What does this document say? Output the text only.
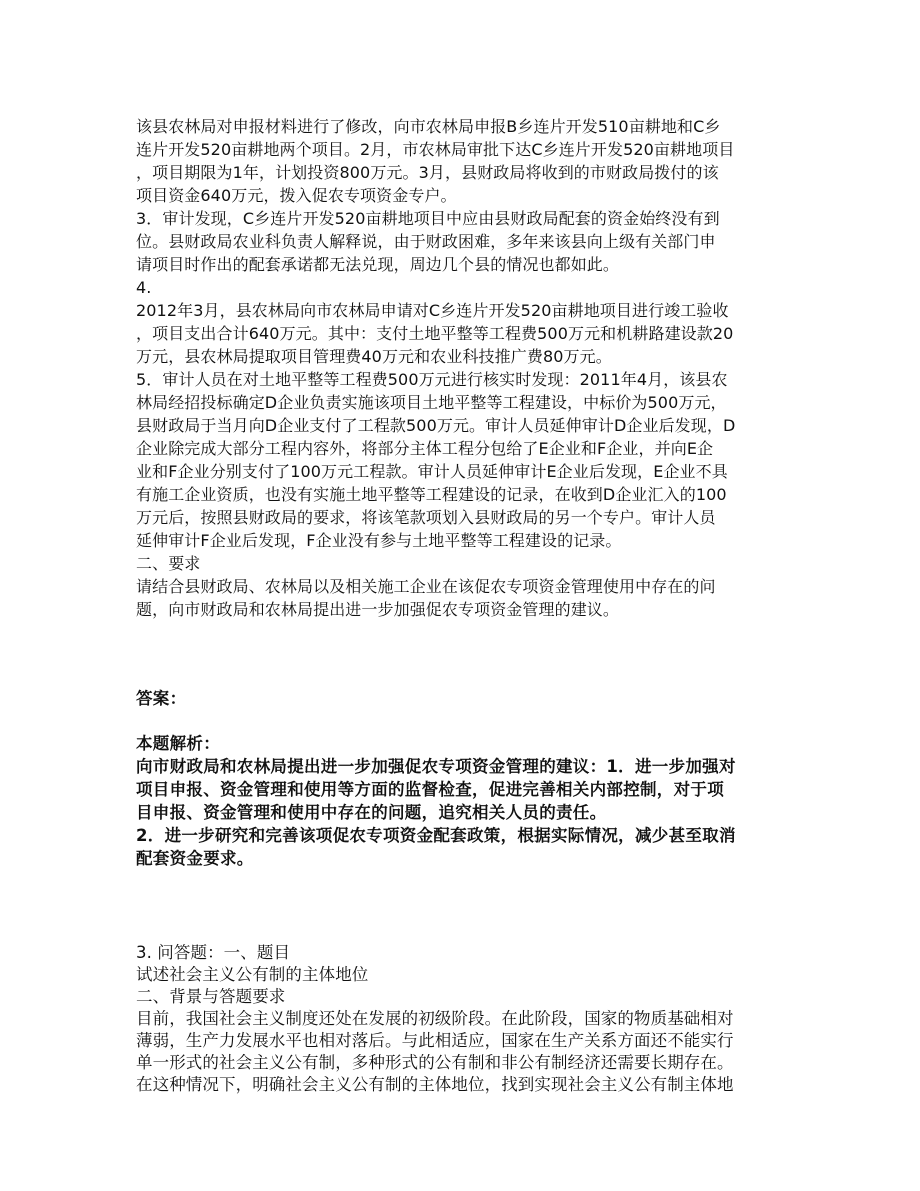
该县农林局对申报材料进行了修改，向市农林局申报B乡连片开发510亩耕地和C乡
连片开发520亩耕地两个项目。2月，市农林局审批下达C乡连片开发520亩耕地项目
，项目期限为1年，计划投资800万元。3月，县财政局将收到的市财政局拨付的该
项目资金640万元，拨入促农专项资金专户。
3．审计发现，C乡连片开发520亩耕地项目中应由县财政局配套的资金始终没有到
位。县财政局农业科负责人解释说，由于财政困难，多年来该县向上级有关部门申
请项目时作出的配套承诺都无法兑现，周边几个县的情况也都如此。
4.
2012年3月，县农林局向市农林局申请对C乡连片开发520亩耕地项目进行竣工验收
，项目支出合计640万元。其中：支付土地平整等工程费500万元和机耕路建设款20
万元，县农林局提取项目管理费40万元和农业科技推广费80万元。
5．审计人员在对土地平整等工程费500万元进行核实时发现：2011年4月，该县农
林局经招投标确定D企业负责实施该项目土地平整等工程建设，中标价为500万元，
县财政局于当月向D企业支付了工程款500万元。审计人员延伸审计D企业后发现，D
企业除完成大部分工程内容外，将部分主体工程分包给了E企业和F企业，并向E企
业和F企业分别支付了100万元工程款。审计人员延伸审计E企业后发现，E企业不具
有施工企业资质，也没有实施土地平整等工程建设的记录，在收到D企业汇入的100
万元后，按照县财政局的要求，将该笔款项划入县财政局的另一个专户。审计人员
延伸审计F企业后发现，F企业没有参与土地平整等工程建设的记录。
二、要求
请结合县财政局、农林局以及相关施工企业在该促农专项资金管理使用中存在的问
题，向市财政局和农林局提出进一步加强促农专项资金管理的建议。
答案：
本题解析：
向市财政局和农林局提出进一步加强促农专项资金管理的建议：1．进一步加强对
项目申报、资金管理和使用等方面的监督检查，促进完善相关内部控制，对于项
目申报、资金管理和使用中存在的问题，追究相关人员的责任。
2．进一步研究和完善该项促农专项资金配套政策，根据实际情况，减少甚至取消
配套资金要求。
3. 问答题：一、题目
试述社会主义公有制的主体地位
二、背景与答题要求
目前，我国社会主义制度还处在发展的初级阶段。在此阶段，国家的物质基础相对
薄弱，生产力发展水平也相对落后。与此相适应，国家在生产关系方面还不能实行
单一形式的社会主义公有制，多种形式的公有制和非公有制经济还需要长期存在。
在这种情况下，明确社会主义公有制的主体地位，找到实现社会主义公有制主体地
